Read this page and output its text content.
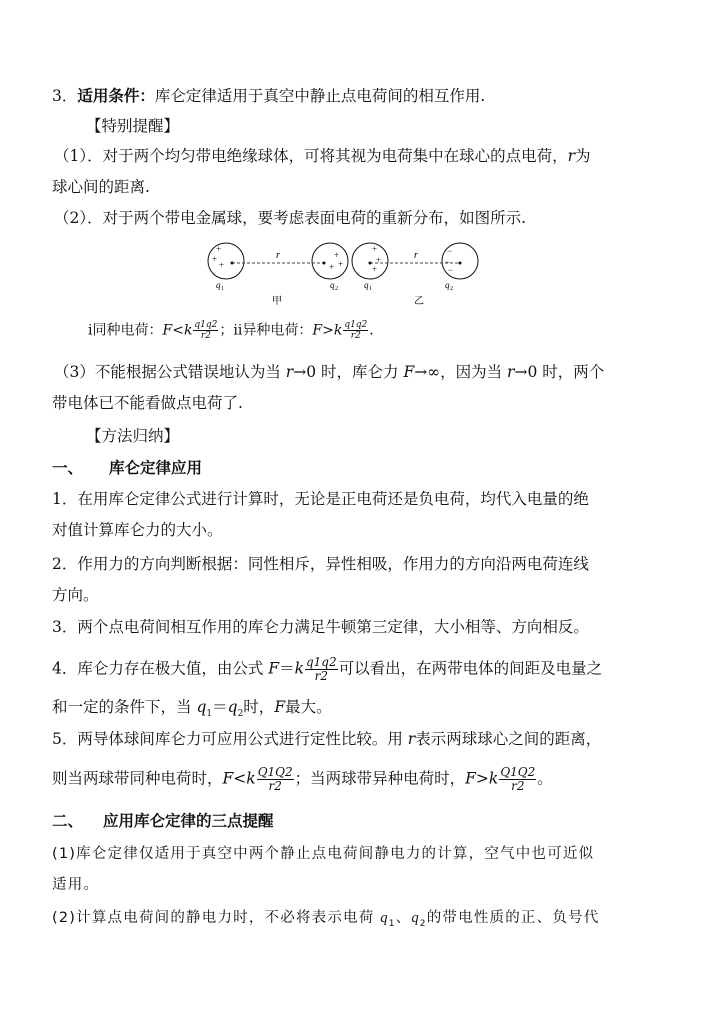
3．适用条件：库仑定律适用于真空中静止点电荷间的相互作用.
【特别提醒】
（1）．对于两个均匀带电绝缘球体，可将其视为电荷集中在球心的点电荷，r为
球心间的距离.
（2）．对于两个带电金属球，要考虑表面电荷的重新分布，如图所示.
+
+
+
+
+
+
r
q 1	q 2
甲
+
+
+
−
−
−
r
q 1	q 2
乙
ⅰ同种电荷：$F<k \frac{q1q2}{r2}$ ；ⅱ异种电荷：$F>k \frac{q1q2}{r2}$ .
（3）不能根据公式错误地认为当 r→0 时，库仑力 F→∞，因为当 r→0 时，两个
带电体已不能看做点电荷了.
【方法归纳】
一、 库仑定律应用
1．在用库仑定律公式进行计算时，无论是正电荷还是负电荷，均代入电量的绝
对值计算库仑力的大小。
2．作用力的方向判断根据：同性相斥，异性相吸，作用力的方向沿两电荷连线
方向。
3．两个点电荷间相互作用的库仑力满足牛顿第三定律，大小相等、方向相反。
4．库仑力存在极大值，由公式 $F=k \frac{q1q2}{r2}$ 可以看出，在两带电体的间距及电量之
和一定的条件下，当 $q_1=q_2$时，F最大。
5．两导体球间库仑力可应用公式进行定性比较。用 r表示两球球心之间的距离，
则当两球带同种电荷时，$F<k \frac{Q1Q2}{r2}$ ；当两球带异种电荷时，$F>k \frac{Q1Q2}{r2}$ 。
二、 应用库仑定律的三点提醒
(1)库仑定律仅适用于真空中两个静止点电荷间静电力的计算，空气中也可近似
适用。
(2)计算点电荷间的静电力时，不必将表示电荷 $q_1$、$q_2$的带电性质的正、负号代
